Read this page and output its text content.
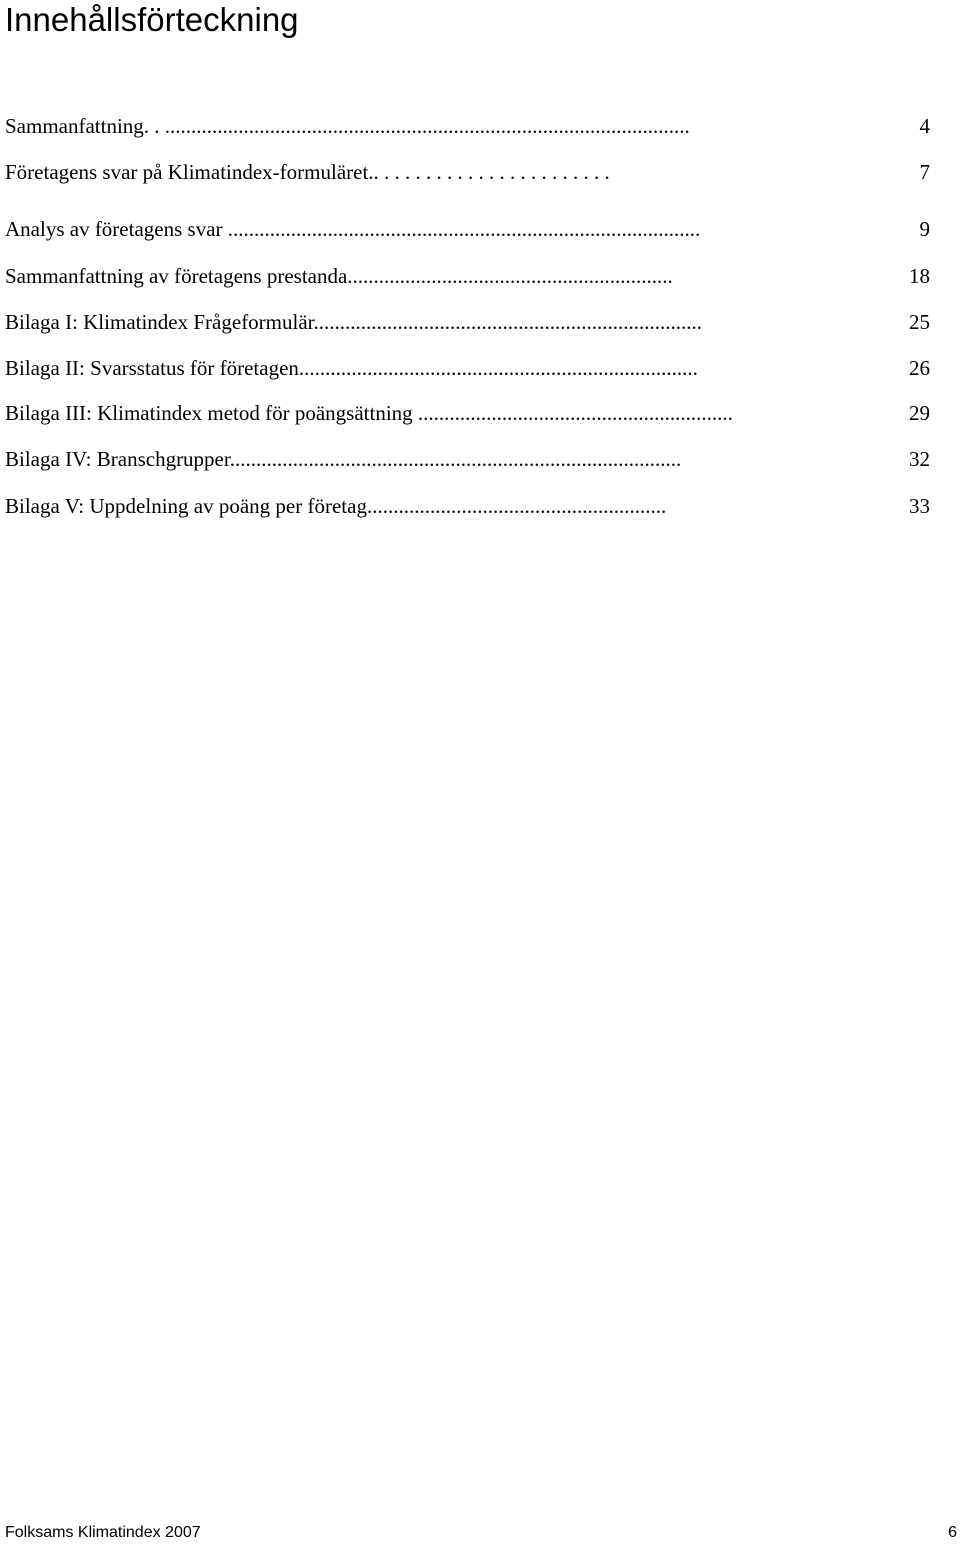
Innehållsförteckning
Sammanfattning. . ....................................................................................................	4
Företagens svar på Klimatindex-formuläret.. . . . . . . . . . . . . . . . . . . . . . .	7
Analys av företagens svar ..........................................................................................	9
Sammanfattning av företagens prestanda..............................................................	18
Bilaga I: Klimatindex Frågeformulär..........................................................................	25
Bilaga II: Svarsstatus för företagen............................................................................	26
Bilaga III: Klimatindex metod för poängsättning ............................................................	29
Bilaga IV: Branschgrupper......................................................................................	32
Bilaga V: Uppdelning av poäng per företag.........................................................	33
Folksams Klimatindex 2007	6
